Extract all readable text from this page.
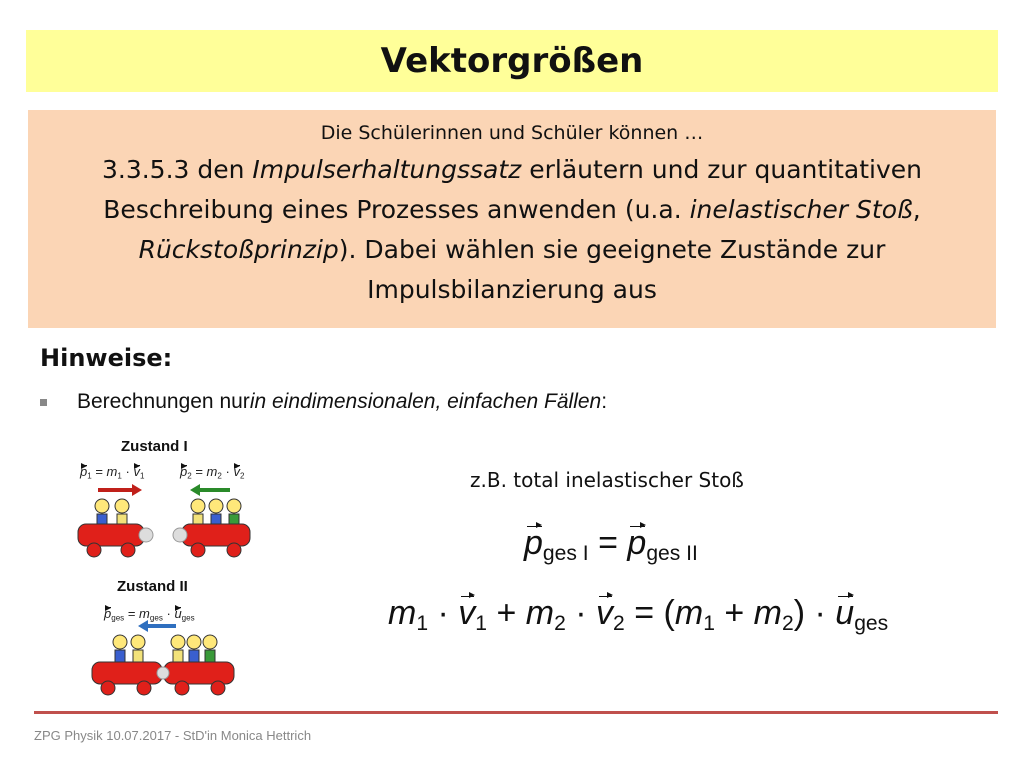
Vektorgrößen
Die Schülerinnen und Schüler können …
3.3.5.3 den Impulserhaltungssatz erläutern und zur quantitativen Beschreibung eines Prozesses anwenden (u.a. inelastischer Stoß, Rückstoßprinzip). Dabei wählen sie geeignete Zustände zur Impulsbilanzierung aus
Hinweise:
Berechnungen nur in eindimensionalen, einfachen Fällen :
Zustand I
$p_1 = m_1 \cdot v_1$	$p_2 = m_2 \cdot v_2$
Zustand II
$p_{ges} = m_{ges} \cdot u_{ges}$
z.B. total inelastischer Stoß
$p_{ges I} = p_{ges II}$
$m_1 \cdot v_1 + m_2 \cdot v_2 = (m_1 + m_2) \cdot u_{ges}$
ZPG Physik 10.07.2017 - StD'in Monica Hettrich
